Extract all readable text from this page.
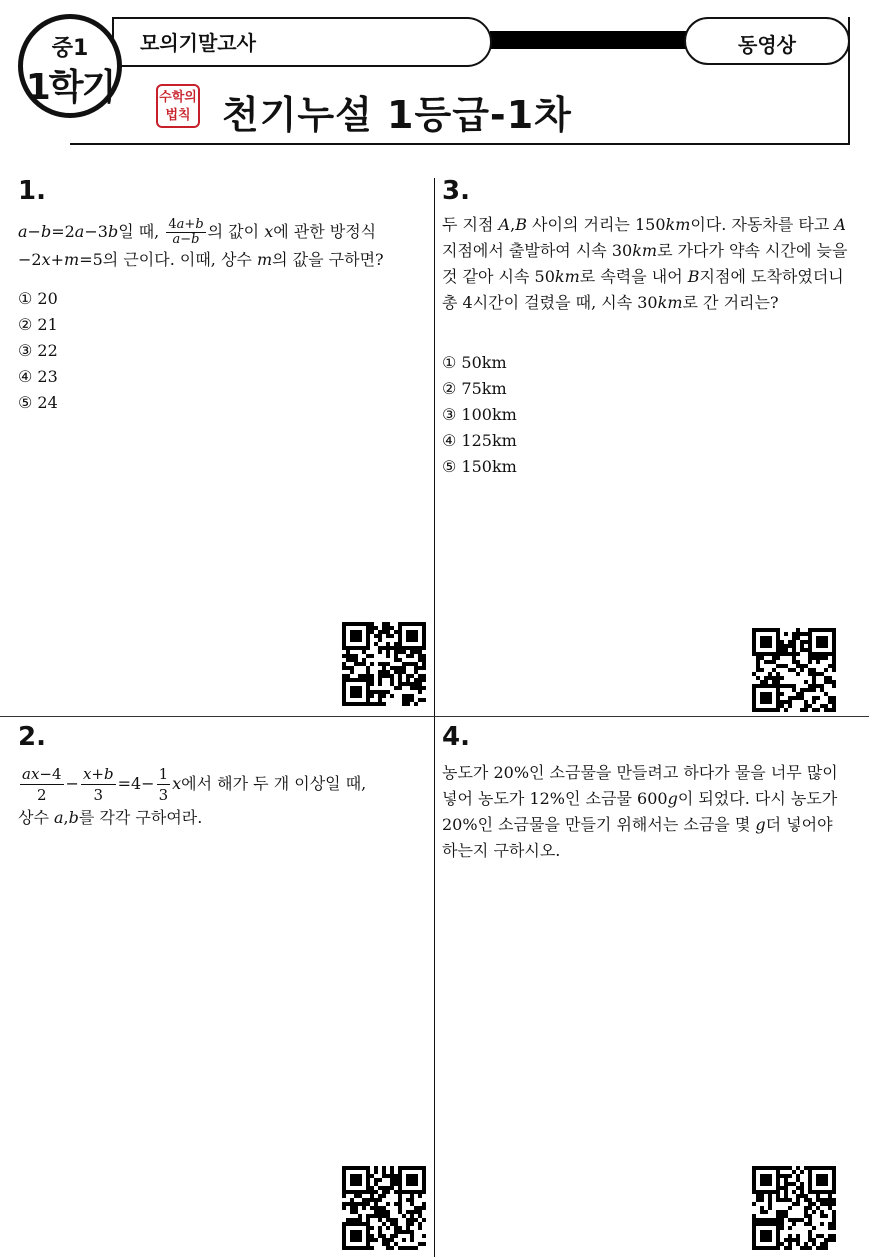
모의기말고사	동영상
중1
1학기	수학의
법칙 천기누설 1등급-1차
1.
a−b=2a−3b일 때, $\frac{4a+b}{a-b}$ 의 값이 x에 관한 방정식
−2x+m=5의 근이다. 이때, 상수 m의 값을 구하면?
① 20
② 21
③ 22
④ 23
⑤ 24
3.
두 지점 A,B 사이의 거리는 150km이다. 자동차를 타고 A지점에서 출발하여 시속 30km로 가다가 약속 시간에 늦을 것 같아 시속 50km로 속력을 내어 B지점에 도착하였더니 총 4시간이 걸렸을 때, 시속 30km로 간 거리는?
① 50km
② 75km
③ 100km
④ 125km
⑤ 150km
2.
$\frac{ax-4}{2} - \frac{x+b}{3} =4- \frac{1}{3}$ x에서 해가 두 개 이상일 때,
상수 a,b를 각각 구하여라.
4.
농도가 20%인 소금물을 만들려고 하다가 물을 너무 많이 넣어 농도가 12%인 소금물 600g이 되었다. 다시 농도가 20%인 소금물을 만들기 위해서는 소금을 몇 g더 넣어야 하는지 구하시오.
